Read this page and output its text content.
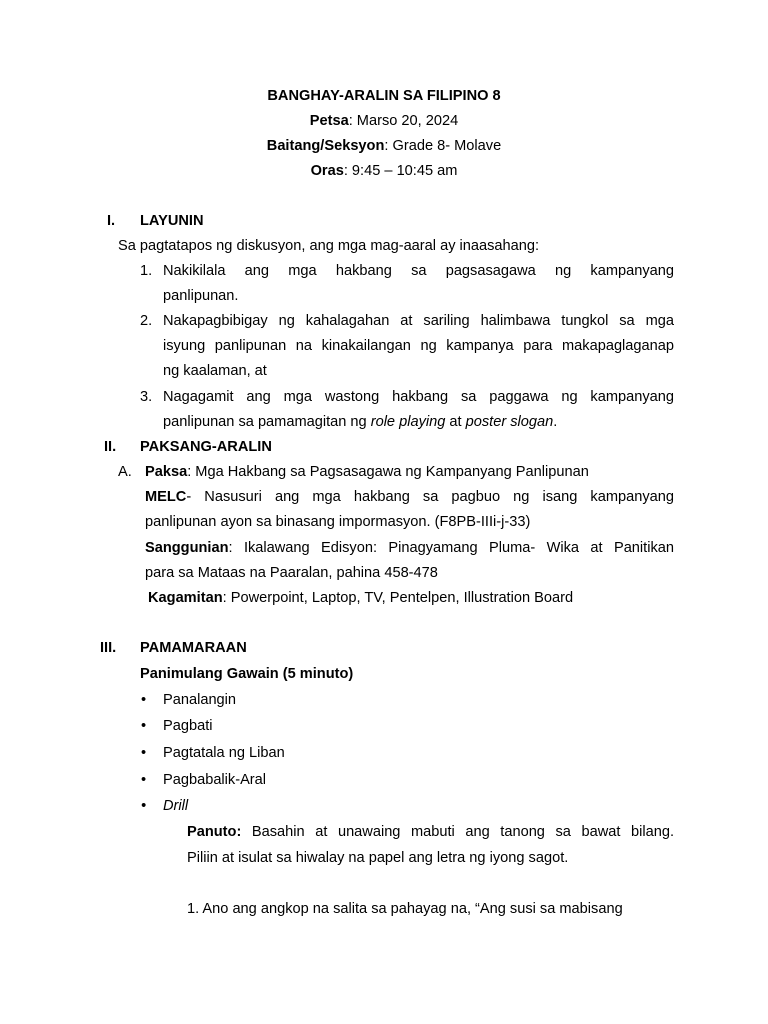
BANGHAY-ARALIN SA FILIPINO 8
Petsa: Marso 20, 2024
Baitang/Seksyon: Grade 8- Molave
Oras: 9:45 – 10:45 am
I. LAYUNIN
Sa pagtatapos ng diskusyon, ang mga mag-aaral ay inaasahang:
1. Nakikilala ang mga hakbang sa pagsasagawa ng kampanyang
panlipunan.
2. Nakapagbibigay ng kahalagahan at sariling halimbawa tungkol sa mga
isyung panlipunan na kinakailangan ng kampanya para makapaglaganap
ng kaalaman, at
3. Nagagamit ang mga wastong hakbang sa paggawa ng kampanyang
panlipunan sa pamamagitan ng role playing at poster slogan.
II. PAKSANG-ARALIN
A. Paksa: Mga Hakbang sa Pagsasagawa ng Kampanyang Panlipunan
MELC- Nasusuri ang mga hakbang sa pagbuo ng isang kampanyang
panlipunan ayon sa binasang impormasyon. (F8PB-IIIi-j-33)
Sanggunian: Ikalawang Edisyon: Pinagyamang Pluma- Wika at Panitikan
para sa Mataas na Paaralan, pahina 458-478
Kagamitan: Powerpoint, Laptop, TV, Pentelpen, Illustration Board
III. PAMAMARAAN
Panimulang Gawain (5 minuto)
• Panalangin
• Pagbati
• Pagtatala ng Liban
• Pagbabalik-Aral
• Drill
Panuto: Basahin at unawaing mabuti ang tanong sa bawat bilang.
Piliin at isulat sa hiwalay na papel ang letra ng iyong sagot.
1. Ano ang angkop na salita sa pahayag na, “Ang susi sa mabisang
